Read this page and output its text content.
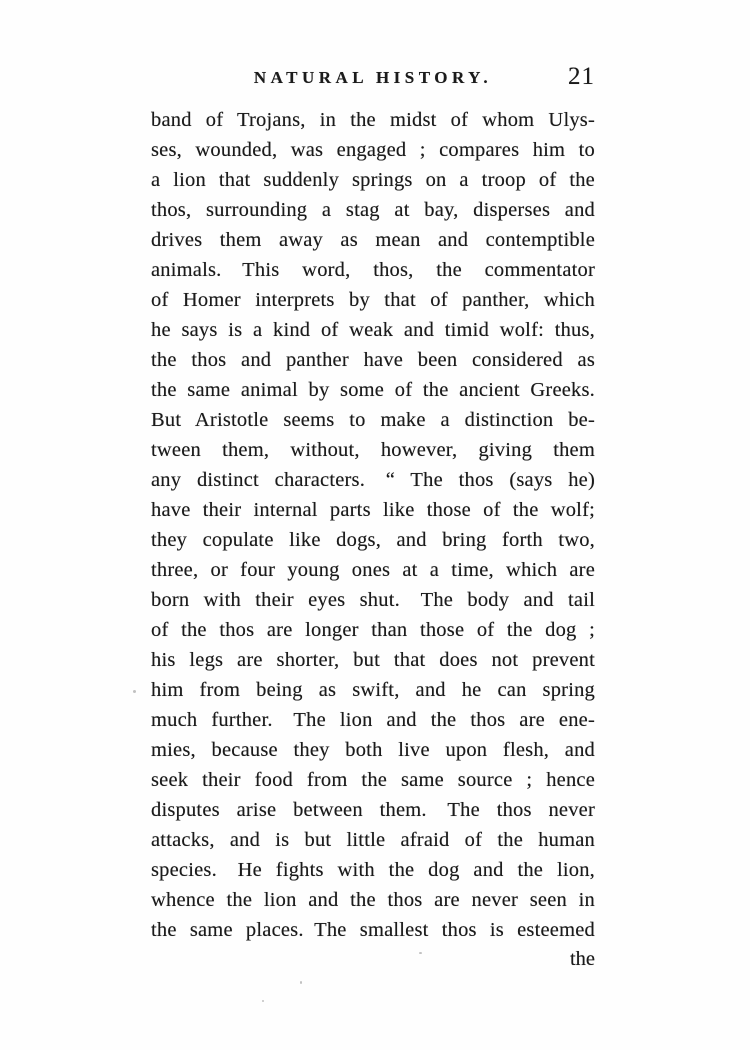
NATURAL HISTORY.	21
band of Trojans, in the midst of whom Ulys-
ses, wounded, was engaged ; compares him to
a lion that suddenly springs on a troop of the
thos, surrounding a stag at bay, disperses and
drives them away as mean and contemptible
animals. This word, thos, the commentator
of Homer interprets by that of panther, which
he says is a kind of weak and timid wolf: thus,
the thos and panther have been considered as
the same animal by some of the ancient Greeks.
But Aristotle seems to make a distinction be-
tween them, without, however, giving them
any distinct characters. “ The thos (says he)
have their internal parts like those of the wolf;
they copulate like dogs, and bring forth two,
three, or four young ones at a time, which are
born with their eyes shut. The body and tail
of the thos are longer than those of the dog ;
his legs are shorter, but that does not prevent
him from being as swift, and he can spring
much further. The lion and the thos are ene-
mies, because they both live upon flesh, and
seek their food from the same source ; hence
disputes arise between them. The thos never
attacks, and is but little afraid of the human
species. He fights with the dog and the lion,
whence the lion and the thos are never seen in
the same places. The smallest thos is esteemed
the
